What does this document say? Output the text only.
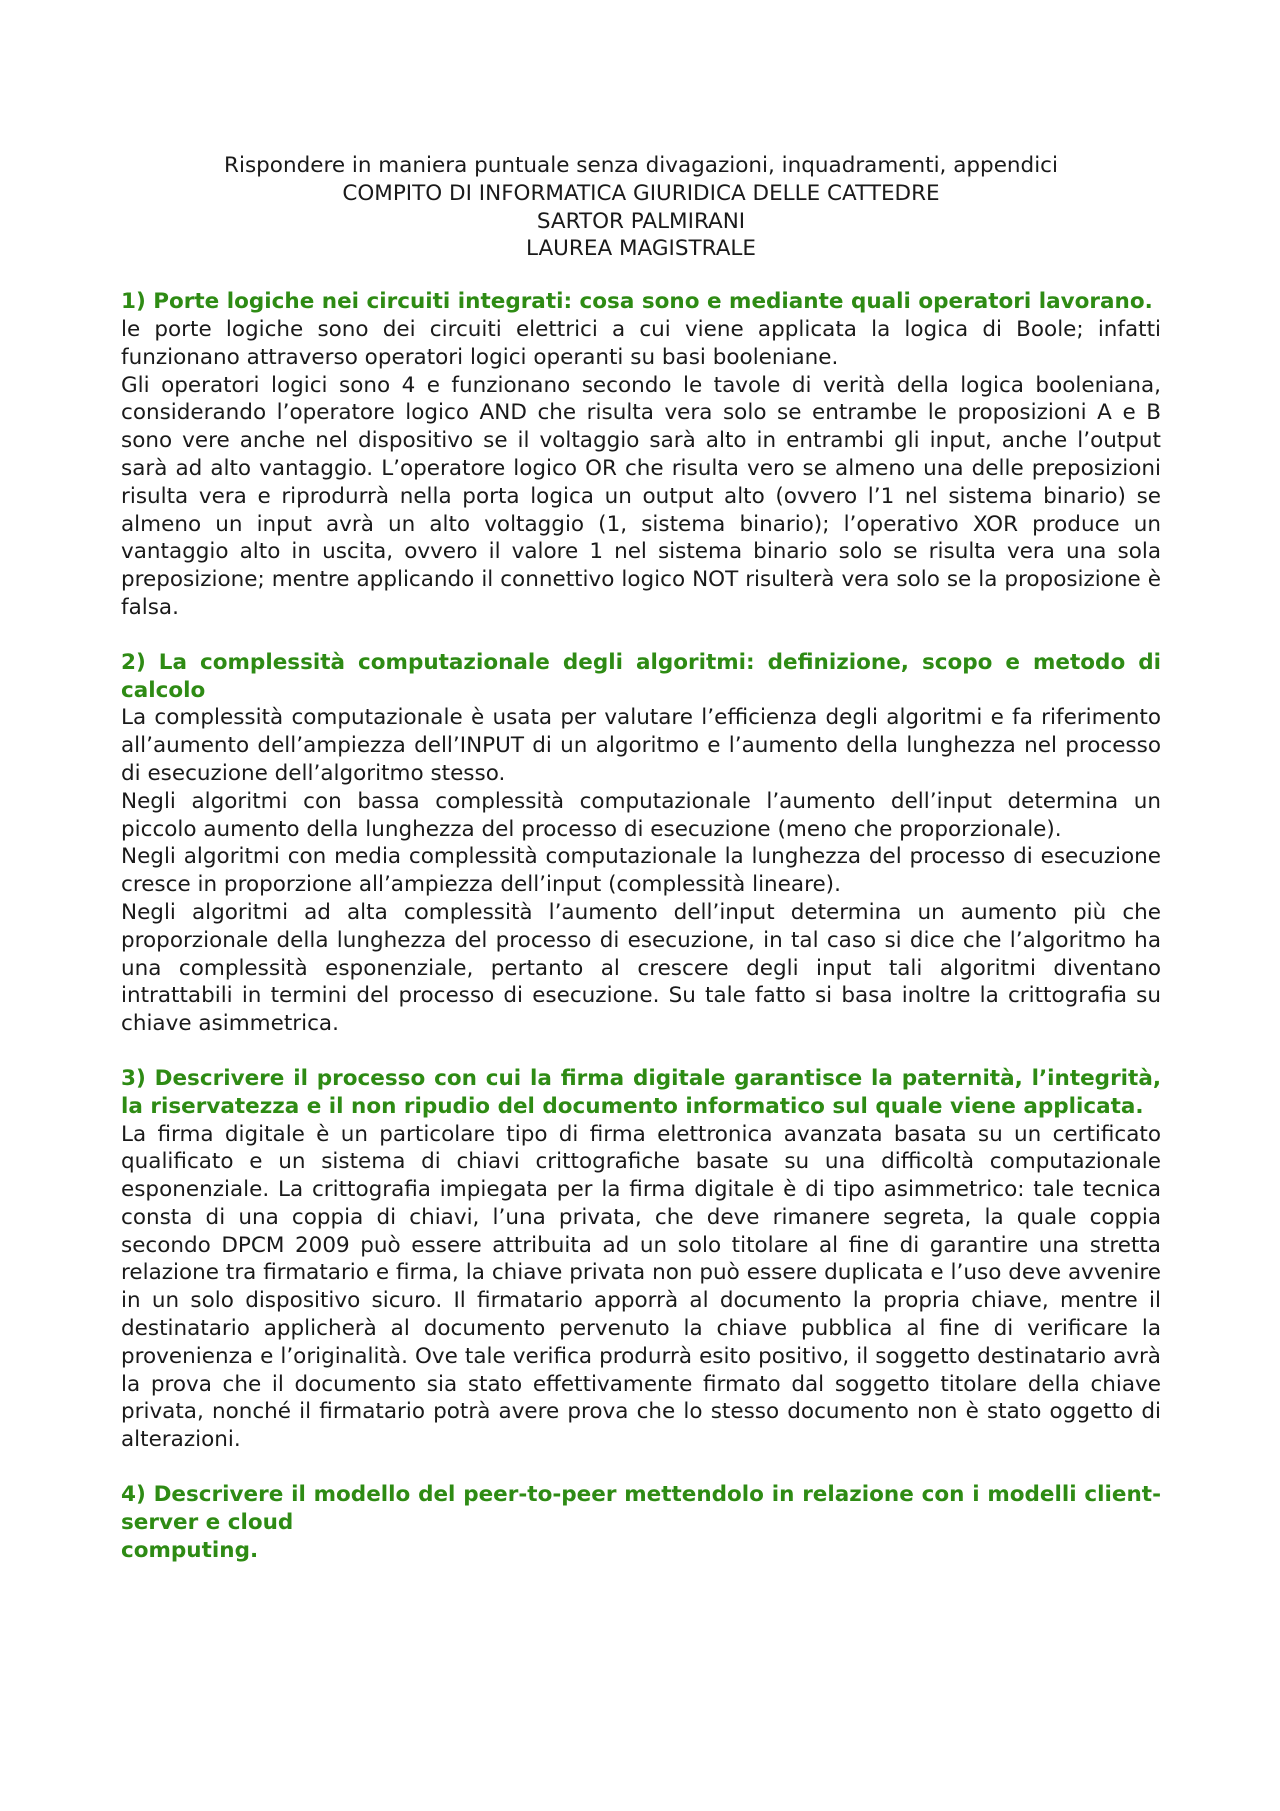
Rispondere in maniera puntuale senza divagazioni, inquadramenti, appendici

COMPITO DI INFORMATICA GIURIDICA DELLE CATTEDRE

SARTOR PALMIRANI

LAUREA MAGISTRALE

1) Porte logiche nei circuiti integrati: cosa sono e mediante quali operatori lavorano.

le porte logiche sono dei circuiti elettrici a cui viene applicata la logica di Boole; infatti funzionano attraverso operatori logici operanti su basi booleniane.

Gli operatori logici sono 4 e funzionano secondo le tavole di verità della logica booleniana, considerando l’operatore logico AND che risulta vera solo se entrambe le proposizioni A e B sono vere anche nel dispositivo se il voltaggio sarà alto in entrambi gli input, anche l’output sarà ad alto vantaggio. L’operatore logico OR che risulta vero se almeno una delle preposizioni risulta vera e riprodurrà nella porta logica un output alto (ovvero l’1 nel sistema binario) se almeno un input avrà un alto voltaggio (1, sistema binario); l’operativo XOR produce un vantaggio alto in uscita, ovvero il valore 1 nel sistema binario solo se risulta vera una sola preposizione; mentre applicando il connettivo logico NOT risulterà vera solo se la proposizione è falsa.

2) La complessità computazionale degli algoritmi: definizione, scopo e metodo di calcolo

La complessità computazionale è usata per valutare l’efficienza degli algoritmi e fa riferimento all’aumento dell’ampiezza dell’INPUT di un algoritmo e l’aumento della lunghezza nel processo di esecuzione dell’algoritmo stesso.

Negli algoritmi con bassa complessità computazionale l’aumento dell’input determina un piccolo aumento della lunghezza del processo di esecuzione (meno che proporzionale).

Negli algoritmi con media complessità computazionale la lunghezza del processo di esecuzione cresce in proporzione all’ampiezza dell’input (complessità lineare).

Negli algoritmi ad alta complessità l’aumento dell’input determina un aumento più che proporzionale della lunghezza del processo di esecuzione, in tal caso si dice che l’algoritmo ha una complessità esponenziale, pertanto al crescere degli input tali algoritmi diventano intrattabili in termini del processo di esecuzione. Su tale fatto si basa inoltre la crittografia su chiave asimmetrica.

3) Descrivere il processo con cui la firma digitale garantisce la paternità, l’integrità, la riservatezza e il non ripudio del documento informatico sul quale viene applicata.

La firma digitale è un particolare tipo di firma elettronica avanzata basata su un certificato qualificato e un sistema di chiavi crittografiche basate su una difficoltà computazionale esponenziale. La crittografia impiegata per la firma digitale è di tipo asimmetrico: tale tecnica consta di una coppia di chiavi, l’una privata, che deve rimanere segreta, la quale coppia secondo DPCM 2009 può essere attribuita ad un solo titolare al fine di garantire una stretta relazione tra firmatario e firma, la chiave privata non può essere duplicata e l’uso deve avvenire in un solo dispositivo sicuro. Il firmatario apporrà al documento la propria chiave, mentre il destinatario applicherà al documento pervenuto la chiave pubblica al fine di verificare la provenienza e l’originalità. Ove tale verifica produrrà esito positivo, il soggetto destinatario avrà la prova che il documento sia stato effettivamente firmato dal soggetto titolare della chiave privata, nonché il firmatario potrà avere prova che lo stesso documento non è stato oggetto di alterazioni.

4) Descrivere il modello del peer-to-peer mettendolo in relazione con i modelli client-server e cloud
computing.
